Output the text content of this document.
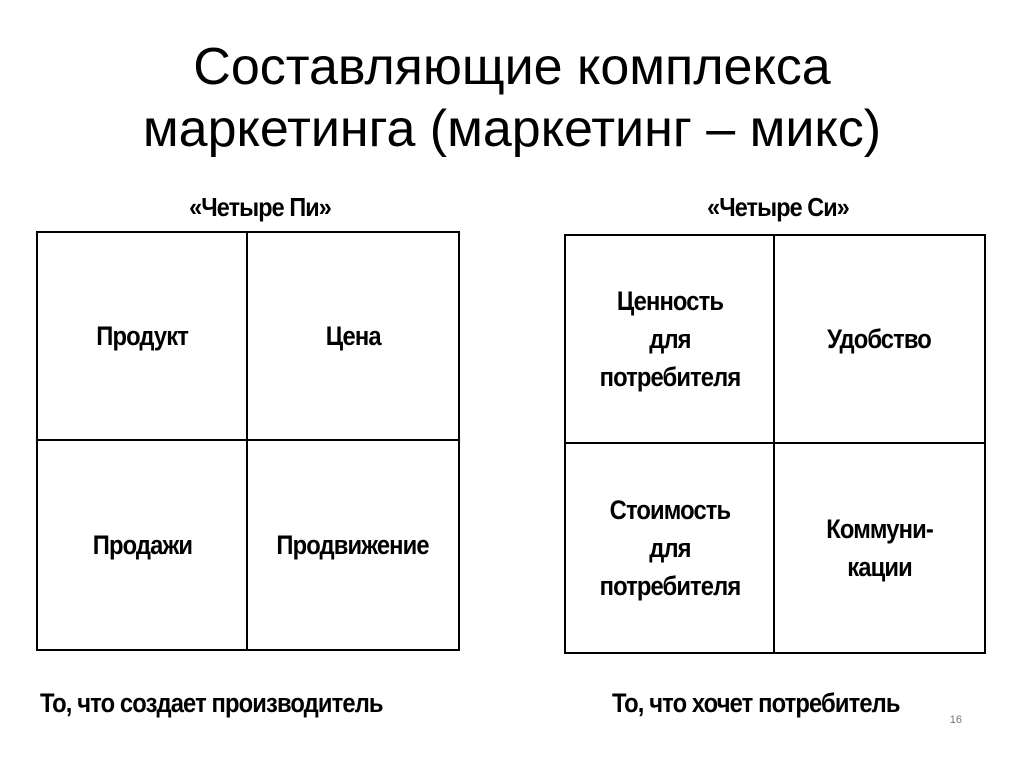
Составляющие комплекса
маркетинга (маркетинг – микс)
«Четыре Пи»
Продукт	Цена
Продажи	Продвижение
То, что создает производитель
«Четыре Си»
Ценность
для
потребителя
Удобство
Стоимость
для
потребителя
Коммуни-
кации
То, что хочет потребитель
16
